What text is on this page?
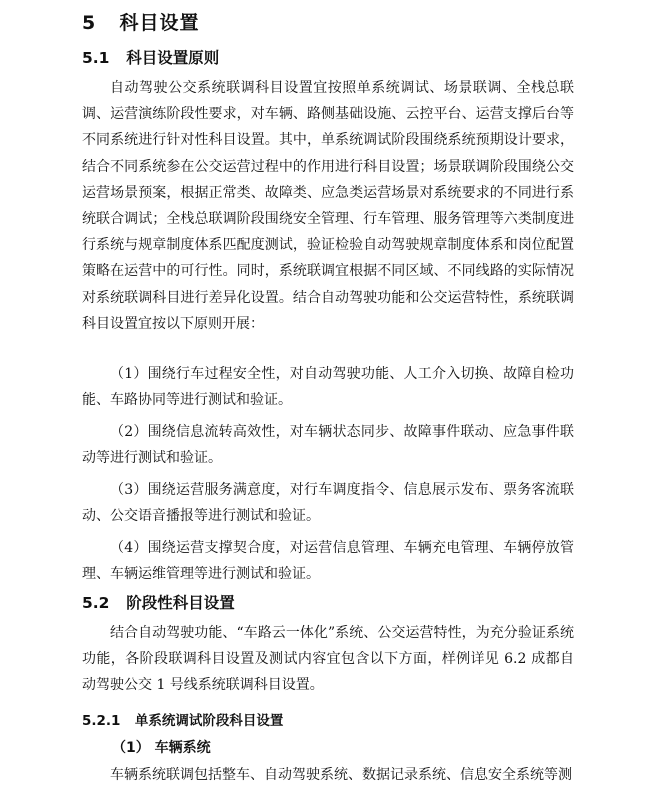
5 科目设置
5.1 科目设置原则

自动驾驶公交系统联调科目设置宜按照单系统调试、场景联调、全栈总联调、运营演练阶段性要求，对车辆、路侧基础设施、云控平台、运营支撑后台等不同系统进行针对性科目设置。其中，单系统调试阶段围绕系统预期设计要求，结合不同系统参在公交运营过程中的作用进行科目设置；场景联调阶段围绕公交运营场景预案，根据正常类、故障类、应急类运营场景对系统要求的不同进行系统联合调试；全栈总联调阶段围绕安全管理、行车管理、服务管理等六类制度进行系统与规章制度体系匹配度测试，验证检验自动驾驶规章制度体系和岗位配置策略在运营中的可行性。同时，系统联调宜根据不同区域、不同线路的实际情况对系统联调科目进行差异化设置。结合自动驾驶功能和公交运营特性，系统联调科目设置宜按以下原则开展：

（1）围绕行车过程安全性，对自动驾驶功能、人工介入切换、故障自检功能、车路协同等进行测试和验证。

（2）围绕信息流转高效性，对车辆状态同步、故障事件联动、应急事件联动等进行测试和验证。

（3）围绕运营服务满意度，对行车调度指令、信息展示发布、票务客流联动、公交语音播报等进行测试和验证。

（4）围绕运营支撑契合度，对运营信息管理、车辆充电管理、车辆停放管理、车辆运维管理等进行测试和验证。

5.2 阶段性科目设置

结合自动驾驶功能、“车路云一体化”系统、公交运营特性，为充分验证系统功能，各阶段联调科目设置及测试内容宜包含以下方面，样例详见 6.2 成都自动驾驶公交 1 号线系统联调科目设置。

5.2.1 单系统调试阶段科目设置
（1） 车辆系统

车辆系统联调包括整车、自动驾驶系统、数据记录系统、信息安全系统等测
